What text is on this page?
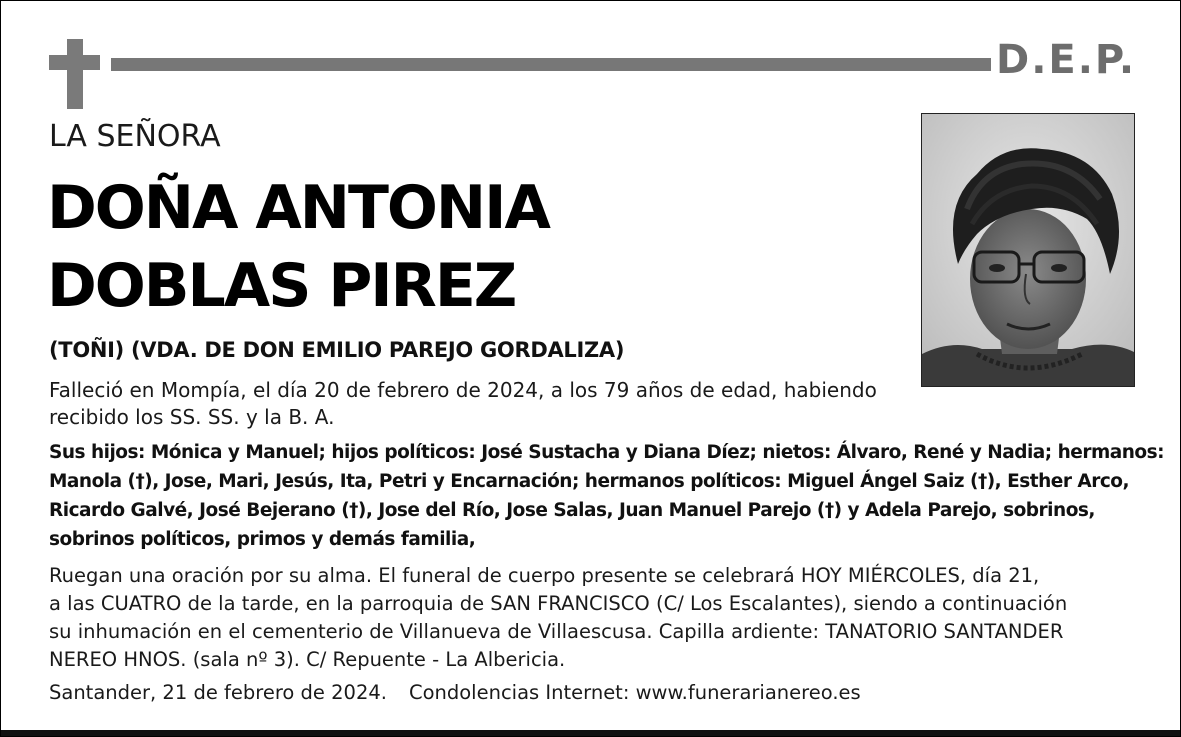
D.E.P.
LA SEÑORA
DOÑA ANTONIA
DOBLAS PIREZ
(TOÑI) (VDA. DE DON EMILIO PAREJO GORDALIZA)
Falleció en Mompía, el día 20 de febrero de 2024, a los 79 años de edad, habiendo
recibido los SS. SS. y la B. A.
Sus hijos: Mónica y Manuel; hijos políticos: José Sustacha y Diana Díez; nietos: Álvaro, René y Nadia; hermanos: Manola (†), Jose, Mari, Jesús, Ita, Petri y Encarnación; hermanos políticos: Miguel Ángel Saiz (†), Esther Arco, Ricardo Galvé, José Bejerano (†), Jose del Río, Jose Salas, Juan Manuel Parejo (†) y Adela Parejo, sobrinos, sobrinos políticos, primos y demás familia,
Ruegan una oración por su alma. El funeral de cuerpo presente se celebrará HOY MIÉRCOLES, día 21,
a las CUATRO de la tarde, en la parroquia de SAN FRANCISCO (C/ Los Escalantes), siendo a continuación
su inhumación en el cementerio de Villanueva de Villaescusa. Capilla ardiente: TANATORIO SANTANDER
NEREO HNOS. (sala nº 3). C/ Repuente - La Albericia.
Santander, 21 de febrero de 2024. Condolencias Internet: www.funerarianereo.es
